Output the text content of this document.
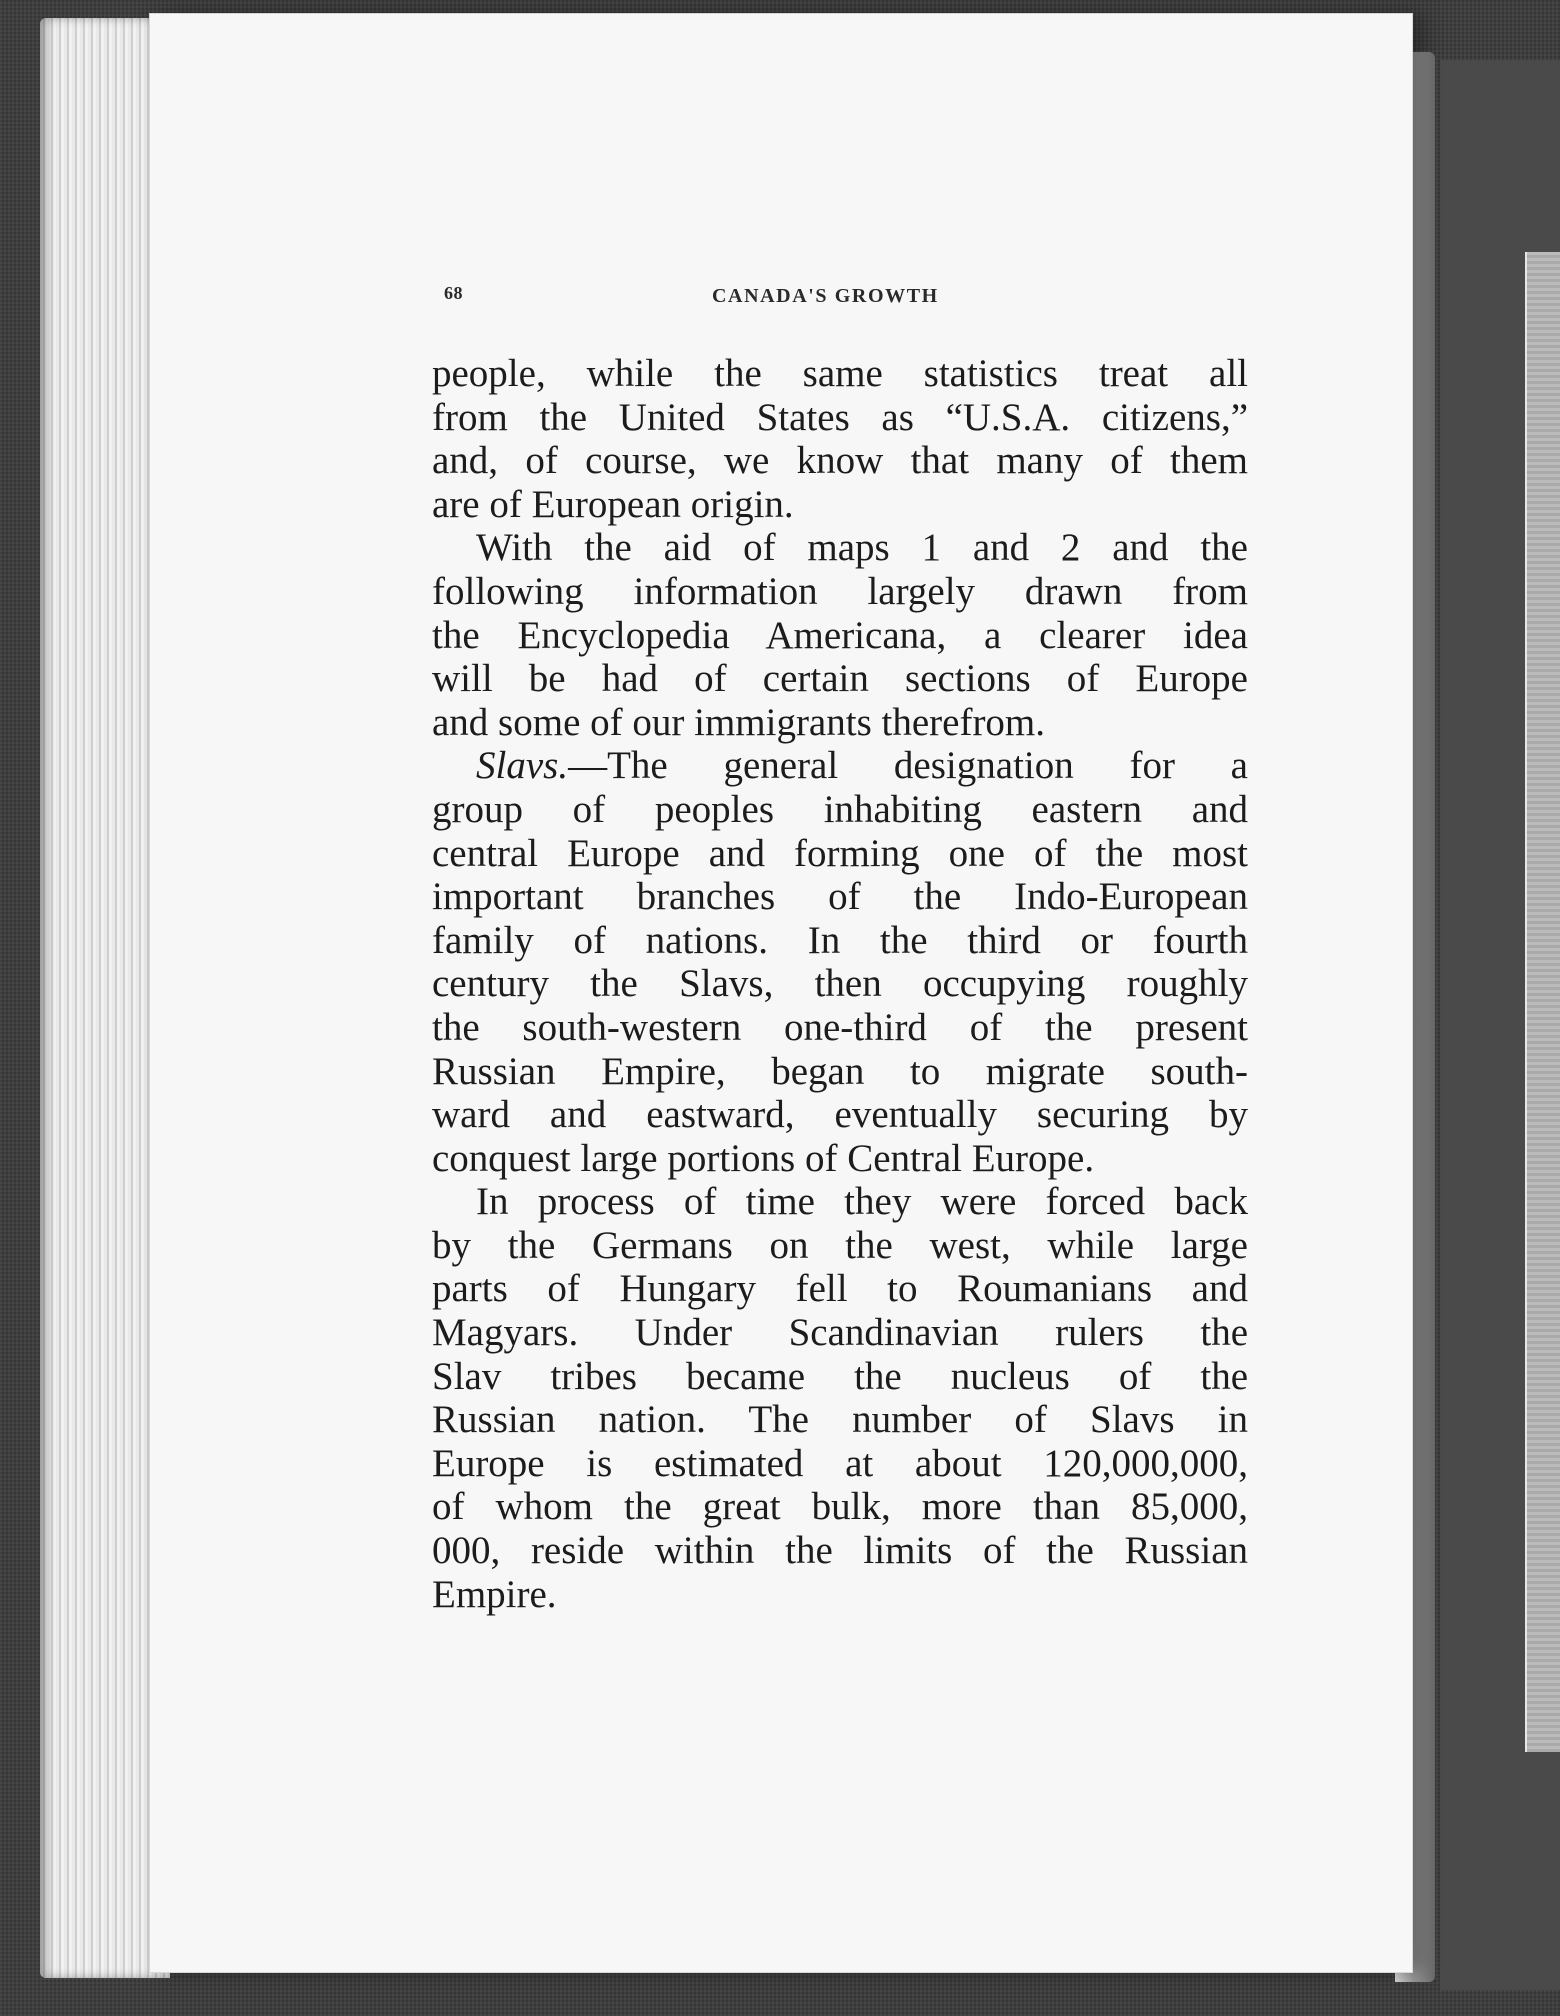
68	CANADA'S GROWTH
people, while the same statistics treat all
from the United States as “U.S.A. citizens,”
and, of course, we know that many of them
are of European origin.
With the aid of maps 1 and 2 and the
following information largely drawn from
the Encyclopedia Americana, a clearer idea
will be had of certain sections of Europe
and some of our immigrants therefrom.
Slavs.—The general designation for a
group of peoples inhabiting eastern and
central Europe and forming one of the most
important branches of the Indo-European
family of nations. In the third or fourth
century the Slavs, then occupying roughly
the south-western one-third of the present
Russian Empire, began to migrate south-
ward and eastward, eventually securing by
conquest large portions of Central Europe.
In process of time they were forced back
by the Germans on the west, while large
parts of Hungary fell to Roumanians and
Magyars. Under Scandinavian rulers the
Slav tribes became the nucleus of the
Russian nation. The number of Slavs in
Europe is estimated at about 120,000,000,
of whom the great bulk, more than 85,000,
000, reside within the limits of the Russian
Empire.
